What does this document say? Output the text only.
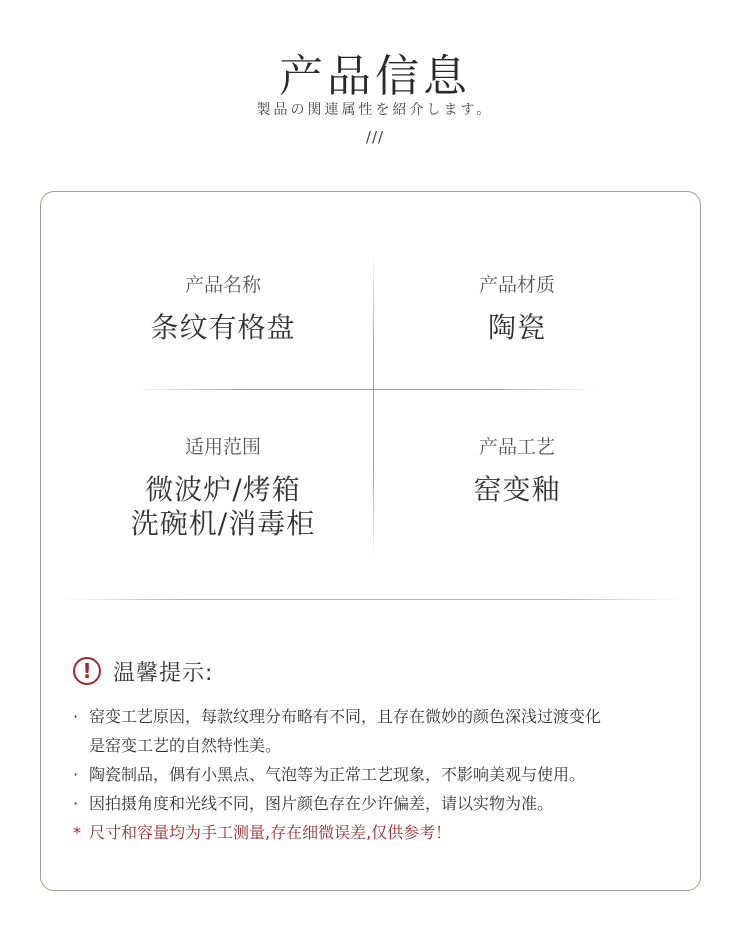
产品信息
製品の関連属性を紹介します。
///
产品名称
条纹有格盘
产品材质
陶瓷
适用范围
微波炉/烤箱
洗碗机/消毒柜
产品工艺
窑变釉
! 温馨提示:
· 窑变工艺原因，每款纹理分布略有不同，且存在微妙的颜色深浅过渡变化
是窑变工艺的自然特性美。
· 陶瓷制品，偶有小黑点、气泡等为正常工艺现象，不影响美观与使用。
· 因拍摄角度和光线不同，图片颜色存在少许偏差，请以实物为准。
* 尺寸和容量均为手工测量,存在细微误差,仅供参考！
